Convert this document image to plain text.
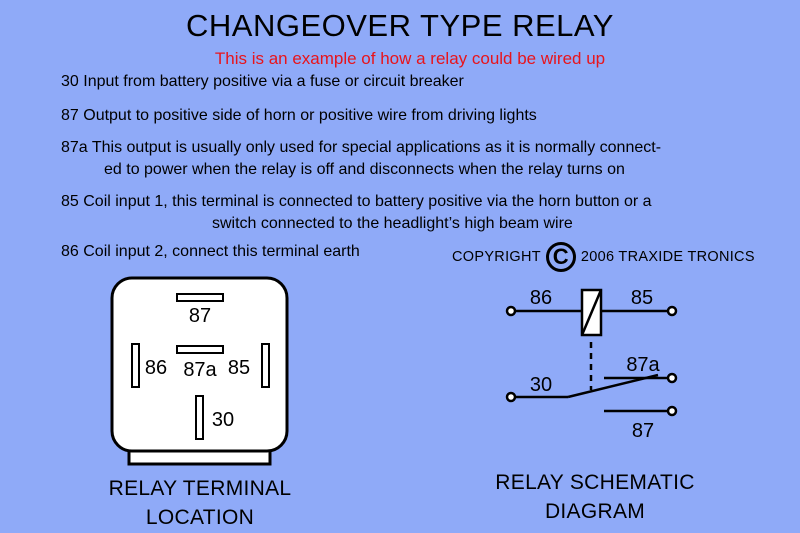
CHANGEOVER TYPE RELAY
This is an example of how a relay could be wired up
30 Input from battery positive via a fuse or circuit breaker
87 Output to positive side of horn or positive wire from driving lights
87a This output is usually only used for special applications as it is normally connect-
ed to power when the relay is off and disconnects when the relay turns on
85 Coil input 1, this terminal is connected to battery positive via the horn button or a
switch connected to the headlight’s high beam wire
86 Coil input 2, connect this terminal earth	COPYRIGHT C 2006 TRAXIDE TRONICS
87
86 87a 85
30
86	85
30
87a
87
RELAY TERMINAL
LOCATION
RELAY SCHEMATIC
DIAGRAM
